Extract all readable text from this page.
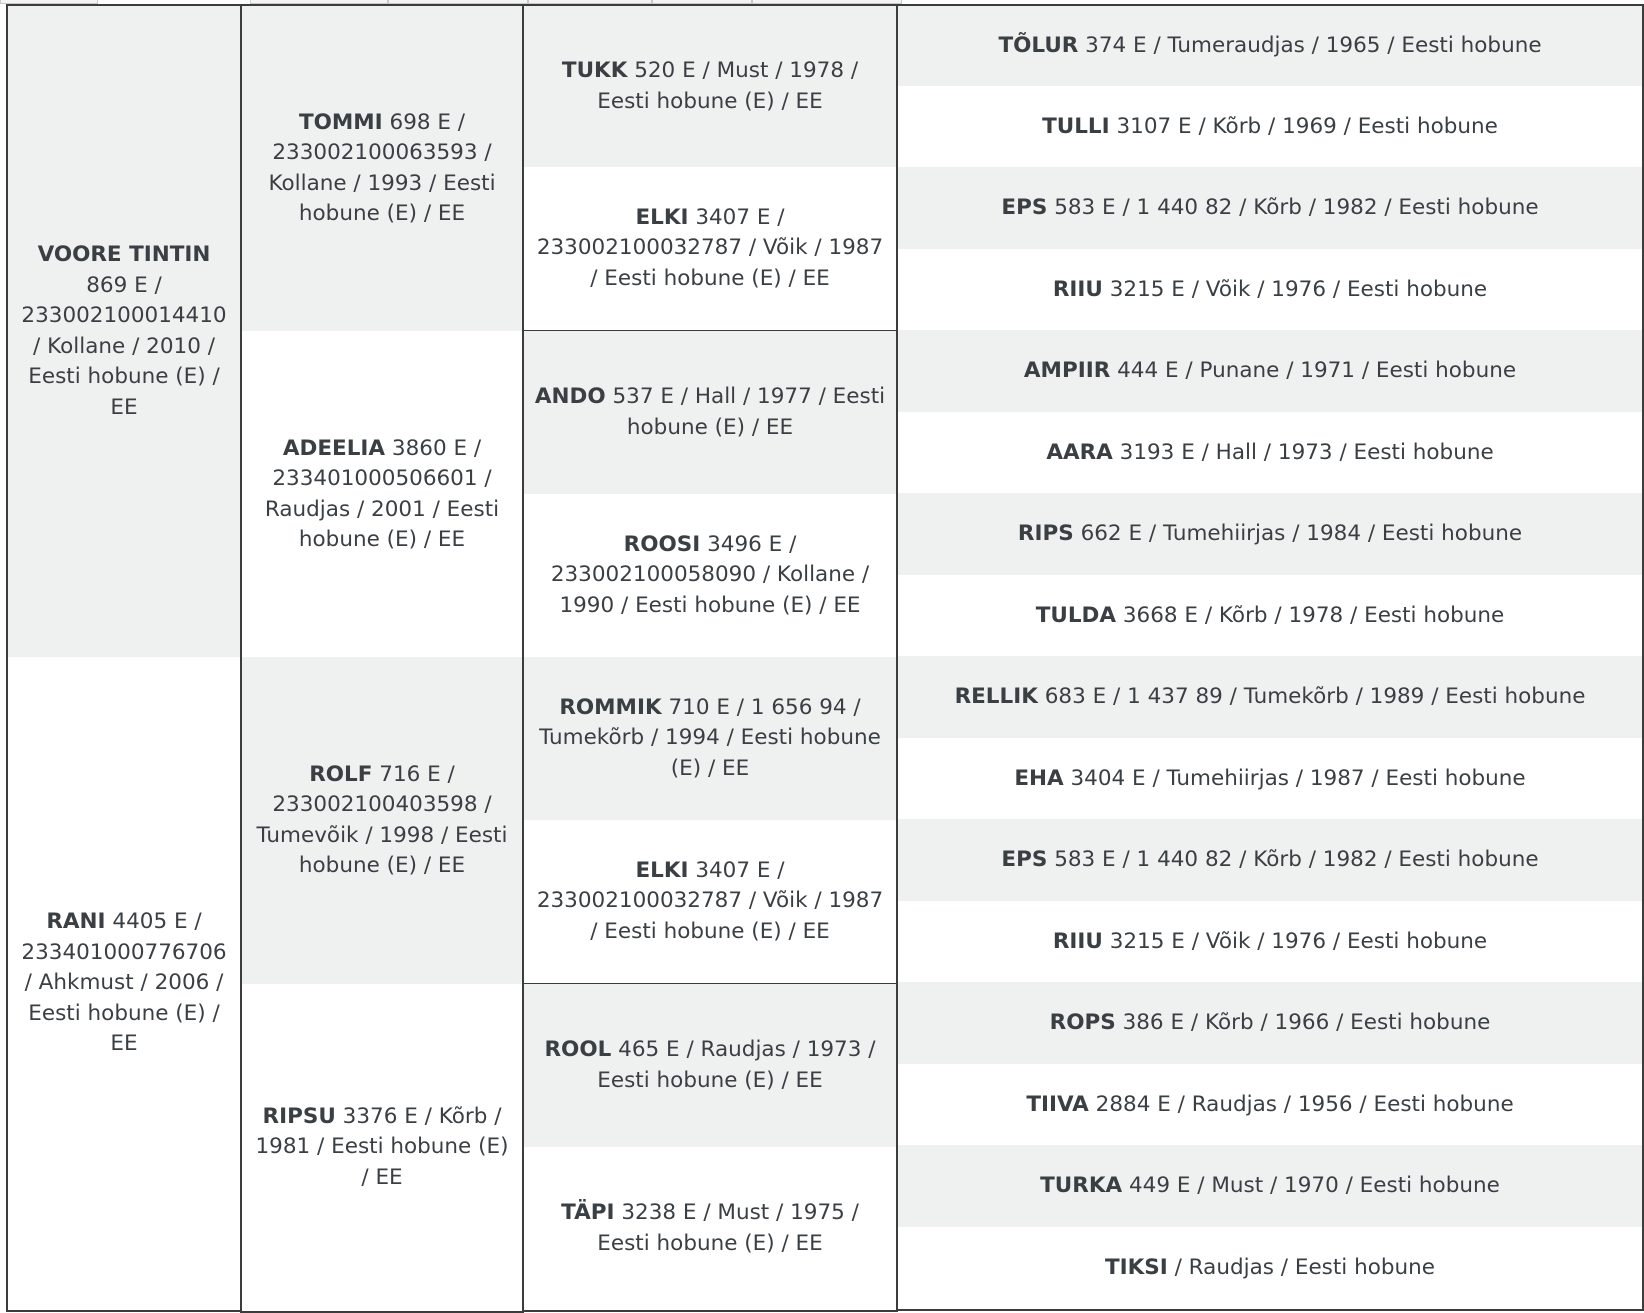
VOORE TINTIN 869 E / 233002100014410 / Kollane / 2010 / Eesti hobune (E) / EE
RANI 4405 E / 233401000776706 / Ahkmust / 2006 / Eesti hobune (E) / EE
TOMMI 698 E / 233002100063593 / Kollane / 1993 / Eesti hobune (E) / EE
ADEELIA 3860 E / 233401000506601 / Raudjas / 2001 / Eesti hobune (E) / EE
ROLF 716 E / 233002100403598 / Tumevõik / 1998 / Eesti hobune (E) / EE
RIPSU 3376 E / Kõrb / 1981 / Eesti hobune (E) / EE
TUKK 520 E / Must / 1978 / Eesti hobune (E) / EE
ELKI 3407 E / 233002100032787 / Võik / 1987 / Eesti hobune (E) / EE
ANDO 537 E / Hall / 1977 / Eesti hobune (E) / EE
ROOSI 3496 E / 233002100058090 / Kollane / 1990 / Eesti hobune (E) / EE
ROMMIK 710 E / 1 656 94 / Tumekõrb / 1994 / Eesti hobune (E) / EE
ELKI 3407 E / 233002100032787 / Võik / 1987 / Eesti hobune (E) / EE
ROOL 465 E / Raudjas / 1973 / Eesti hobune (E) / EE
TÄPI 3238 E / Must / 1975 / Eesti hobune (E) / EE
TÕLUR 374 E / Tumeraudjas / 1965 / Eesti hobune
TULLI 3107 E / Kõrb / 1969 / Eesti hobune
EPS 583 E / 1 440 82 / Kõrb / 1982 / Eesti hobune
RIIU 3215 E / Võik / 1976 / Eesti hobune
AMPIIR 444 E / Punane / 1971 / Eesti hobune
AARA 3193 E / Hall / 1973 / Eesti hobune
RIPS 662 E / Tumehiirjas / 1984 / Eesti hobune
TULDA 3668 E / Kõrb / 1978 / Eesti hobune
RELLIK 683 E / 1 437 89 / Tumekõrb / 1989 / Eesti hobune
EHA 3404 E / Tumehiirjas / 1987 / Eesti hobune
EPS 583 E / 1 440 82 / Kõrb / 1982 / Eesti hobune
RIIU 3215 E / Võik / 1976 / Eesti hobune
ROPS 386 E / Kõrb / 1966 / Eesti hobune
TIIVA 2884 E / Raudjas / 1956 / Eesti hobune
TURKA 449 E / Must / 1970 / Eesti hobune
TIKSI / Raudjas / Eesti hobune
